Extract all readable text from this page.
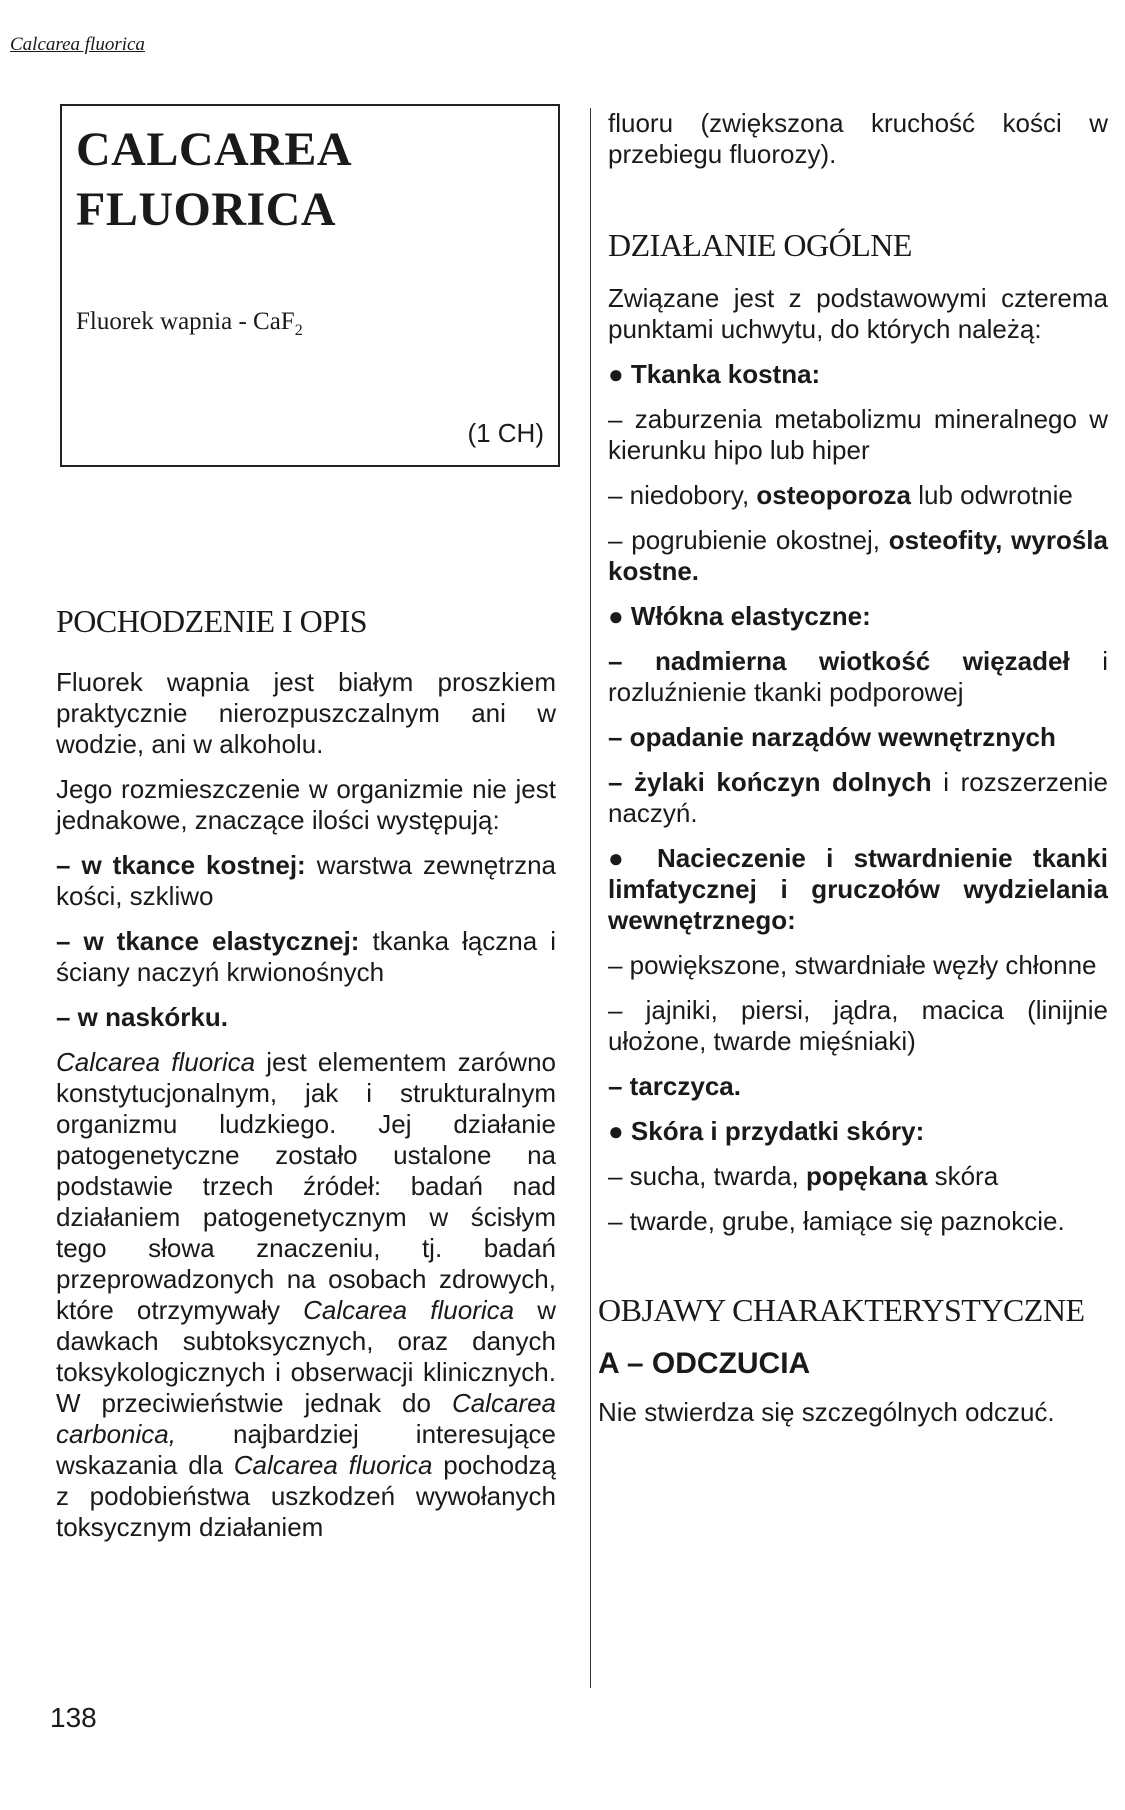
Calcarea fluorica
CALCAREA
FLUORICA
Fluorek wapnia - CaF$_2$
(1 CH)
POCHODZENIE I OPIS

Fluorek wapnia jest białym proszkiem praktycznie nierozpuszczalnym ani w wodzie, ani w alkoholu.

Jego rozmieszczenie w organizmie nie jest jednakowe, znaczące ilości występują:

– w tkance kostnej: warstwa zewnętrzna kości, szkliwo

– w tkance elastycznej: tkanka łączna i ściany naczyń krwionośnych

– w naskórku.

Calcarea fluorica jest elementem zarówno konstytucjonalnym, jak i strukturalnym organizmu ludzkiego. Jej działanie patogenetyczne zostało ustalone na podstawie trzech źródeł: badań nad działaniem patogenetycznym w ścisłym tego słowa znaczeniu, tj. badań przeprowadzonych na osobach zdrowych, które otrzymywały Calcarea fluorica w dawkach subtoksycznych, oraz danych toksykologicznych i obserwacji klinicznych. W przeciwieństwie jednak do Calcarea carbonica, najbardziej interesujące wskazania dla Calcarea fluorica pochodzą z podobieństwa uszkodzeń wywołanych toksycznym działaniem

fluoru (zwiększona kruchość kości w przebiegu fluorozy).

DZIAŁANIE OGÓLNE

Związane jest z podstawowymi czterema punktami uchwytu, do których należą:

● Tkanka kostna:

– zaburzenia metabolizmu mineralnego w kierunku hipo lub hiper

– niedobory, osteoporoza lub odwrotnie

– pogrubienie okostnej, osteofity, wyrośla kostne.

● Włókna elastyczne:

– nadmierna wiotkość więzadeł i rozluźnienie tkanki podporowej

– opadanie narządów wewnętrznych

– żylaki kończyn dolnych i rozszerzenie naczyń.

● Nacieczenie i stwardnienie tkanki limfatycznej i gruczołów wydzielania wewnętrznego:

– powiększone, stwardniałe węzły chłonne

– jajniki, piersi, jądra, macica (linijnie ułożone, twarde mięśniaki)

– tarczyca.

● Skóra i przydatki skóry:

– sucha, twarda, popękana skóra

– twarde, grube, łamiące się paznokcie.

OBJAWY CHARAKTERYSTYCZNE
A – ODCZUCIA

Nie stwierdza się szczególnych odczuć.

138
